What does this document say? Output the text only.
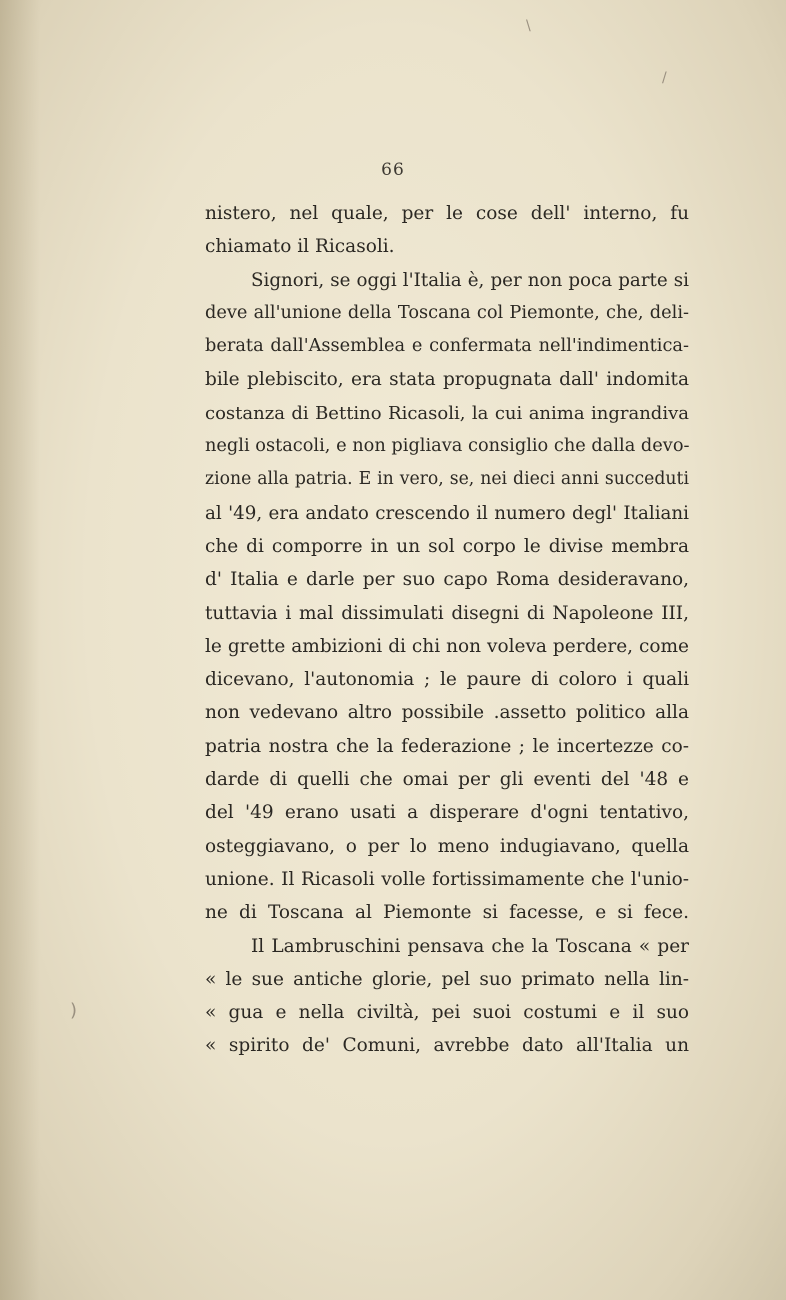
\
/
)
66
nistero, nel quale, per le cose dell' interno, fu
chiamato il Ricasoli.
Signori, se oggi l'Italia è, per non poca parte si
deve all'unione della Toscana col Piemonte, che, deli-
berata dall'Assemblea e confermata nell'indimentica-
bile plebiscito, era stata propugnata dall' indomita
costanza di Bettino Ricasoli, la cui anima ingrandiva
negli ostacoli, e non pigliava consiglio che dalla devo-
zione alla patria. E in vero, se, nei dieci anni succeduti
al '49, era andato crescendo il numero degl' Italiani
che di comporre in un sol corpo le divise membra
d' Italia e darle per suo capo Roma desideravano,
tuttavia i mal dissimulati disegni di Napoleone III,
le grette ambizioni di chi non voleva perdere, come
dicevano, l'autonomia ; le paure di coloro i quali
non vedevano altro possibile .assetto politico alla
patria nostra che la federazione ; le incertezze co-
darde di quelli che omai per gli eventi del '48 e
del '49 erano usati a disperare d'ogni tentativo,
osteggiavano, o per lo meno indugiavano, quella
unione. Il Ricasoli volle fortissimamente che l'unio-
ne di Toscana al Piemonte si facesse, e si fece.
Il Lambruschini pensava che la Toscana « per
« le sue antiche glorie, pel suo primato nella lin-
« gua e nella civiltà, pei suoi costumi e il suo
« spirito de' Comuni, avrebbe dato all'Italia un
